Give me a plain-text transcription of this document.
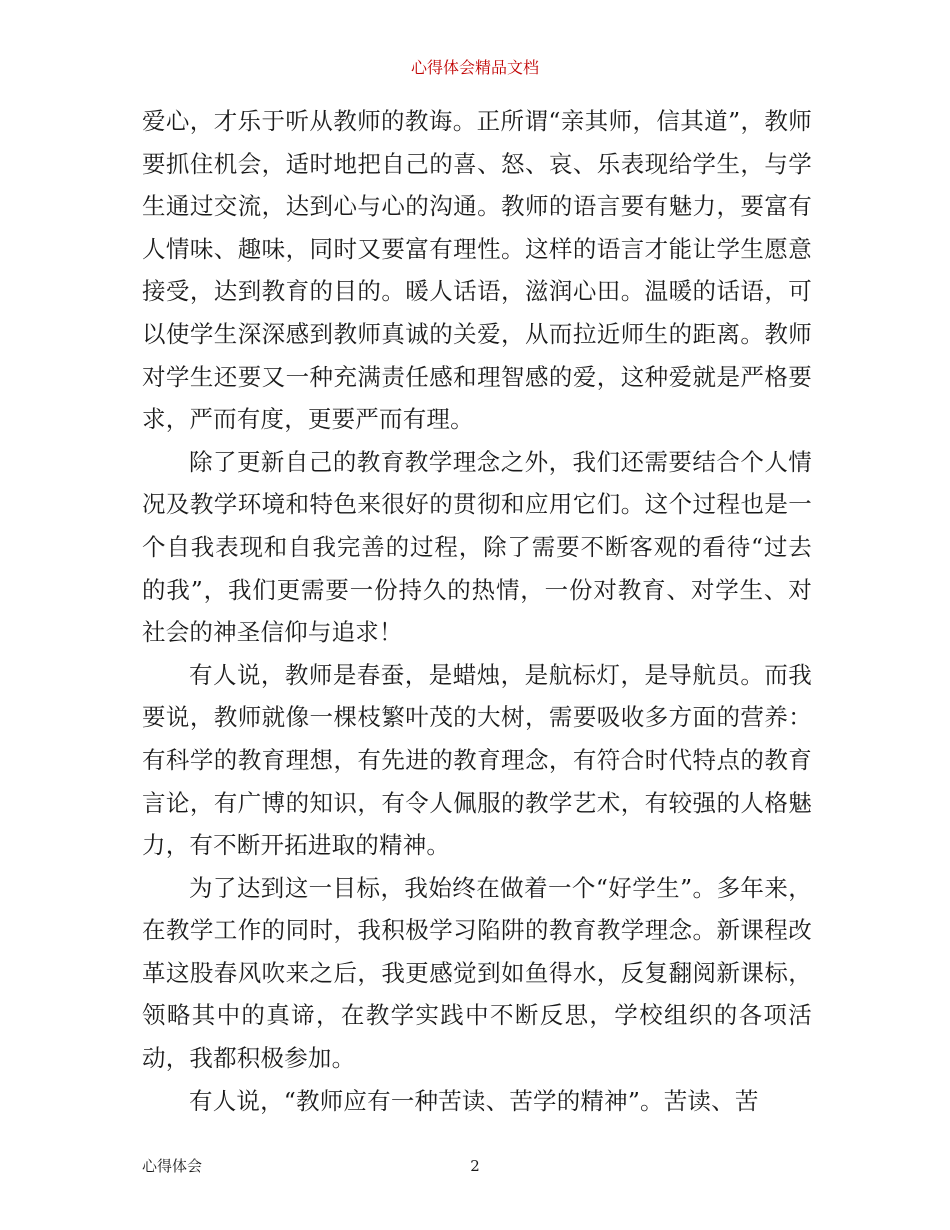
心得体会精品文档

爱心，才乐于听从教师的教诲。正所谓“亲其师，信其道”，教师要抓住机会，适时地把自己的喜、怒、哀、乐表现给学生，与学生通过交流，达到心与心的沟通。教师的语言要有魅力，要富有人情味、趣味，同时又要富有理性。这样的语言才能让学生愿意接受，达到教育的目的。暖人话语，滋润心田。温暖的话语，可以使学生深深感到教师真诚的关爱，从而拉近师生的距离。教师对学生还要又一种充满责任感和理智感的爱，这种爱就是严格要求，严而有度，更要严而有理。

除了更新自己的教育教学理念之外，我们还需要结合个人情况及教学环境和特色来很好的贯彻和应用它们。这个过程也是一个自我表现和自我完善的过程，除了需要不断客观的看待“过去的我”，我们更需要一份持久的热情，一份对教育、对学生、对社会的神圣信仰与追求！

有人说，教师是春蚕，是蜡烛，是航标灯，是导航员。而我要说，教师就像一棵枝繁叶茂的大树，需要吸收多方面的营养：有科学的教育理想，有先进的教育理念，有符合时代特点的教育言论，有广博的知识，有令人佩服的教学艺术，有较强的人格魅力，有不断开拓进取的精神。

为了达到这一目标，我始终在做着一个“好学生”。多年来，在教学工作的同时，我积极学习陷阱的教育教学理念。新课程改革这股春风吹来之后，我更感觉到如鱼得水，反复翻阅新课标，领略其中的真谛，在教学实践中不断反思，学校组织的各项活动，我都积极参加。

有人说，“教师应有一种苦读、苦学的精神”。苦读、苦

心得体会	2
